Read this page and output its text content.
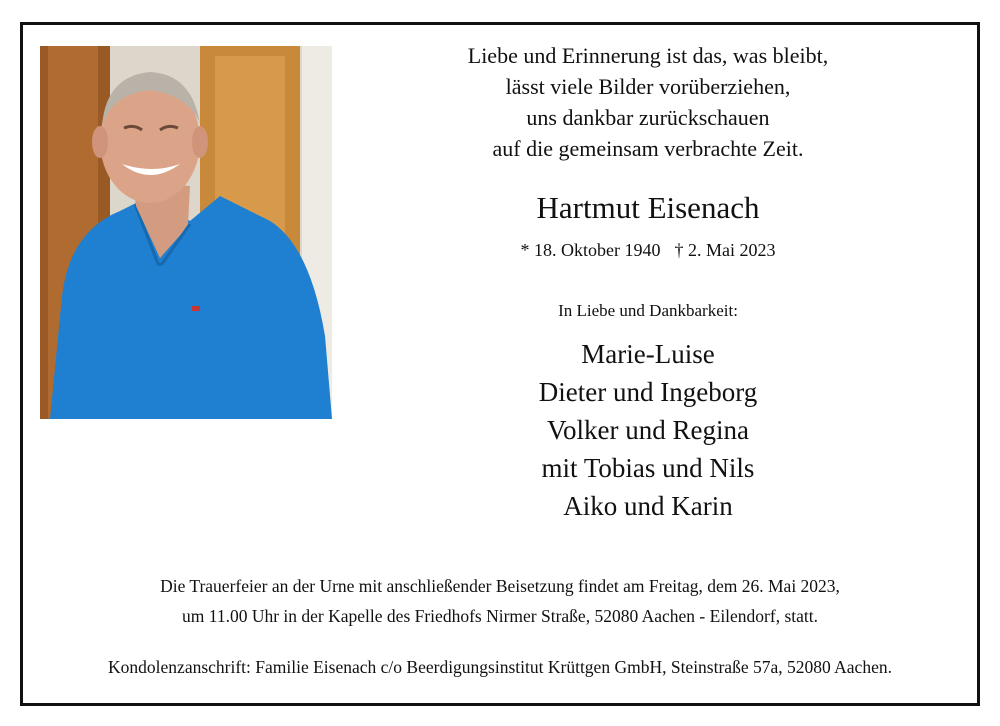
Liebe und Erinnerung ist das, was bleibt,
lässt viele Bilder vorüberziehen,
uns dankbar zurückschauen
auf die gemeinsam verbrachte Zeit.
Hartmut Eisenach
* 18. Oktober 1940 † 2. Mai 2023
In Liebe und Dankbarkeit:
Marie-Luise
Dieter und Ingeborg
Volker und Regina
mit Tobias und Nils
Aiko und Karin
Die Trauerfeier an der Urne mit anschließender Beisetzung findet am Freitag, dem 26. Mai 2023,
um 11.00 Uhr in der Kapelle des Friedhofs Nirmer Straße, 52080 Aachen - Eilendorf, statt.
Kondolenzanschrift: Familie Eisenach c/o Beerdigungsinstitut Krüttgen GmbH, Steinstraße 57a, 52080 Aachen.
